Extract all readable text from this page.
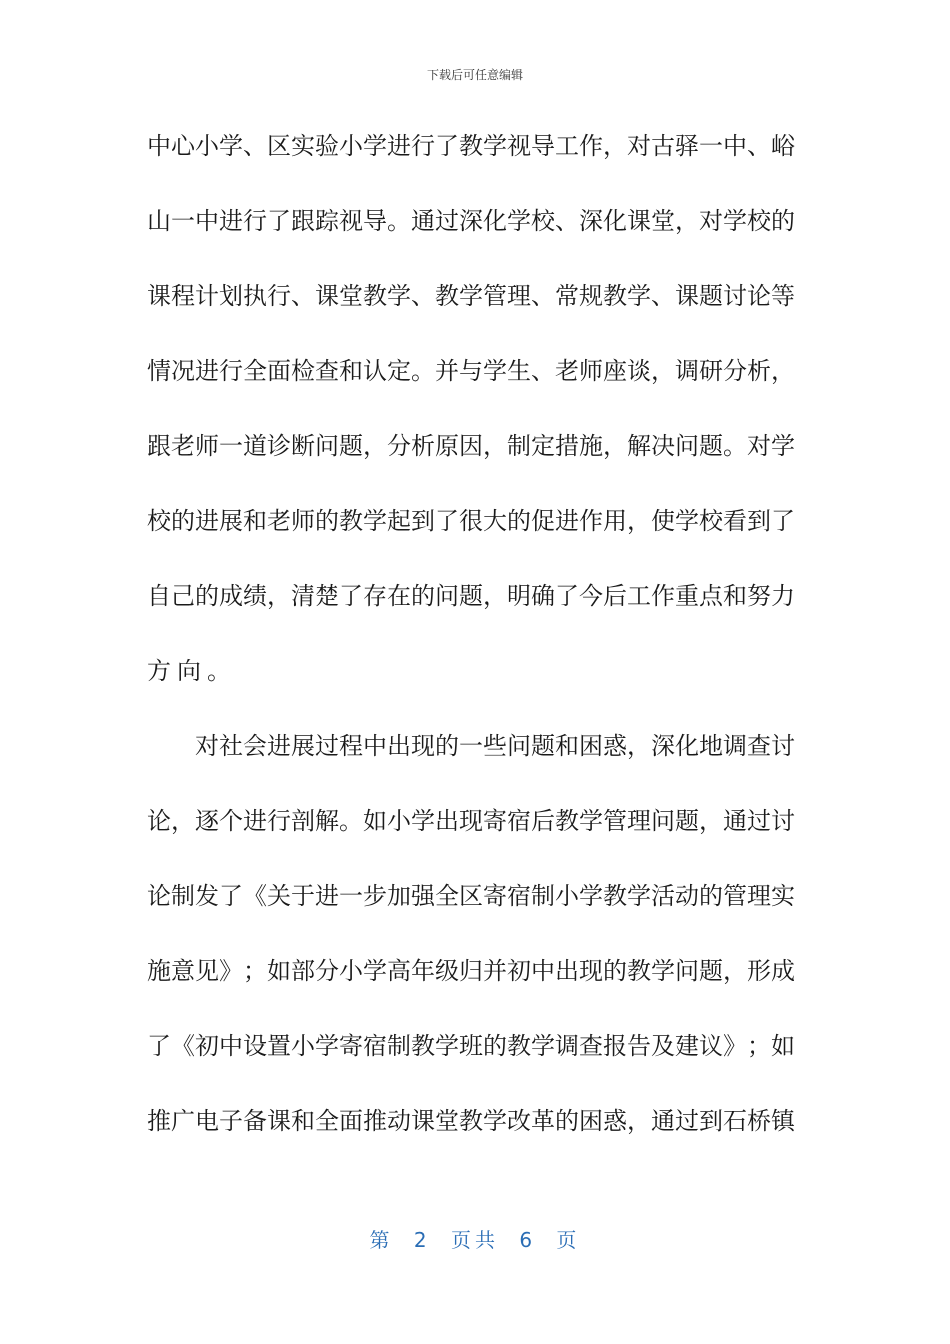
下载后可任意编辑
中 心 小 学 、 区 实 验 小 学 进 行 了 教 学 视 导 工 作 ， 对 古 驿 一 中 、 峪
山 一 中 进 行 了 跟 踪 视 导 。 通 过 深 化 学 校 、 深 化 课 堂 ， 对 学 校 的
课 程 计 划 执 行 、 课 堂 教 学 、 教 学 管 理 、 常 规 教 学 、 课 题 讨 论 等
情 况 进 行 全 面 检 查 和 认 定 。 并 与 学 生 、 老 师 座 谈 ， 调 研 分 析 ，
跟 老 师 一 道 诊 断 问 题 ， 分 析 原 因 ， 制 定 措 施 ， 解 决 问 题 。 对 学
校 的 进 展 和 老 师 的 教 学 起 到 了 很 大 的 促 进 作 用 ， 使 学 校 看 到 了
自 己 的 成 绩 ， 清 楚 了 存 在 的 问 题 ， 明 确 了 今 后 工 作 重 点 和 努 力
方向。
对 社 会 进 展 过 程 中 出 现 的 一 些 问 题 和 困 惑 ， 深 化 地 调 查 讨
论 ， 逐 个 进 行 剖 解 。 如 小 学 出 现 寄 宿 后 教 学 管 理 问 题 ， 通 过 讨
论 制 发 了 《 关 于 进 一 步 加 强 全 区 寄 宿 制 小 学 教 学 活 动 的 管 理 实
施 意 见 》 ； 如 部 分 小 学 高 年 级 归 并 初 中 出 现 的 教 学 问 题 ， 形 成
了 《 初 中 设 置 小 学 寄 宿 制 教 学 班 的 教 学 调 查 报 告 及 建 议 》 ； 如
推 广 电 子 备 课 和 全 面 推 动 课 堂 教 学 改 革 的 困 惑 ， 通 过 到 石 桥 镇
第 2 页共 6 页
